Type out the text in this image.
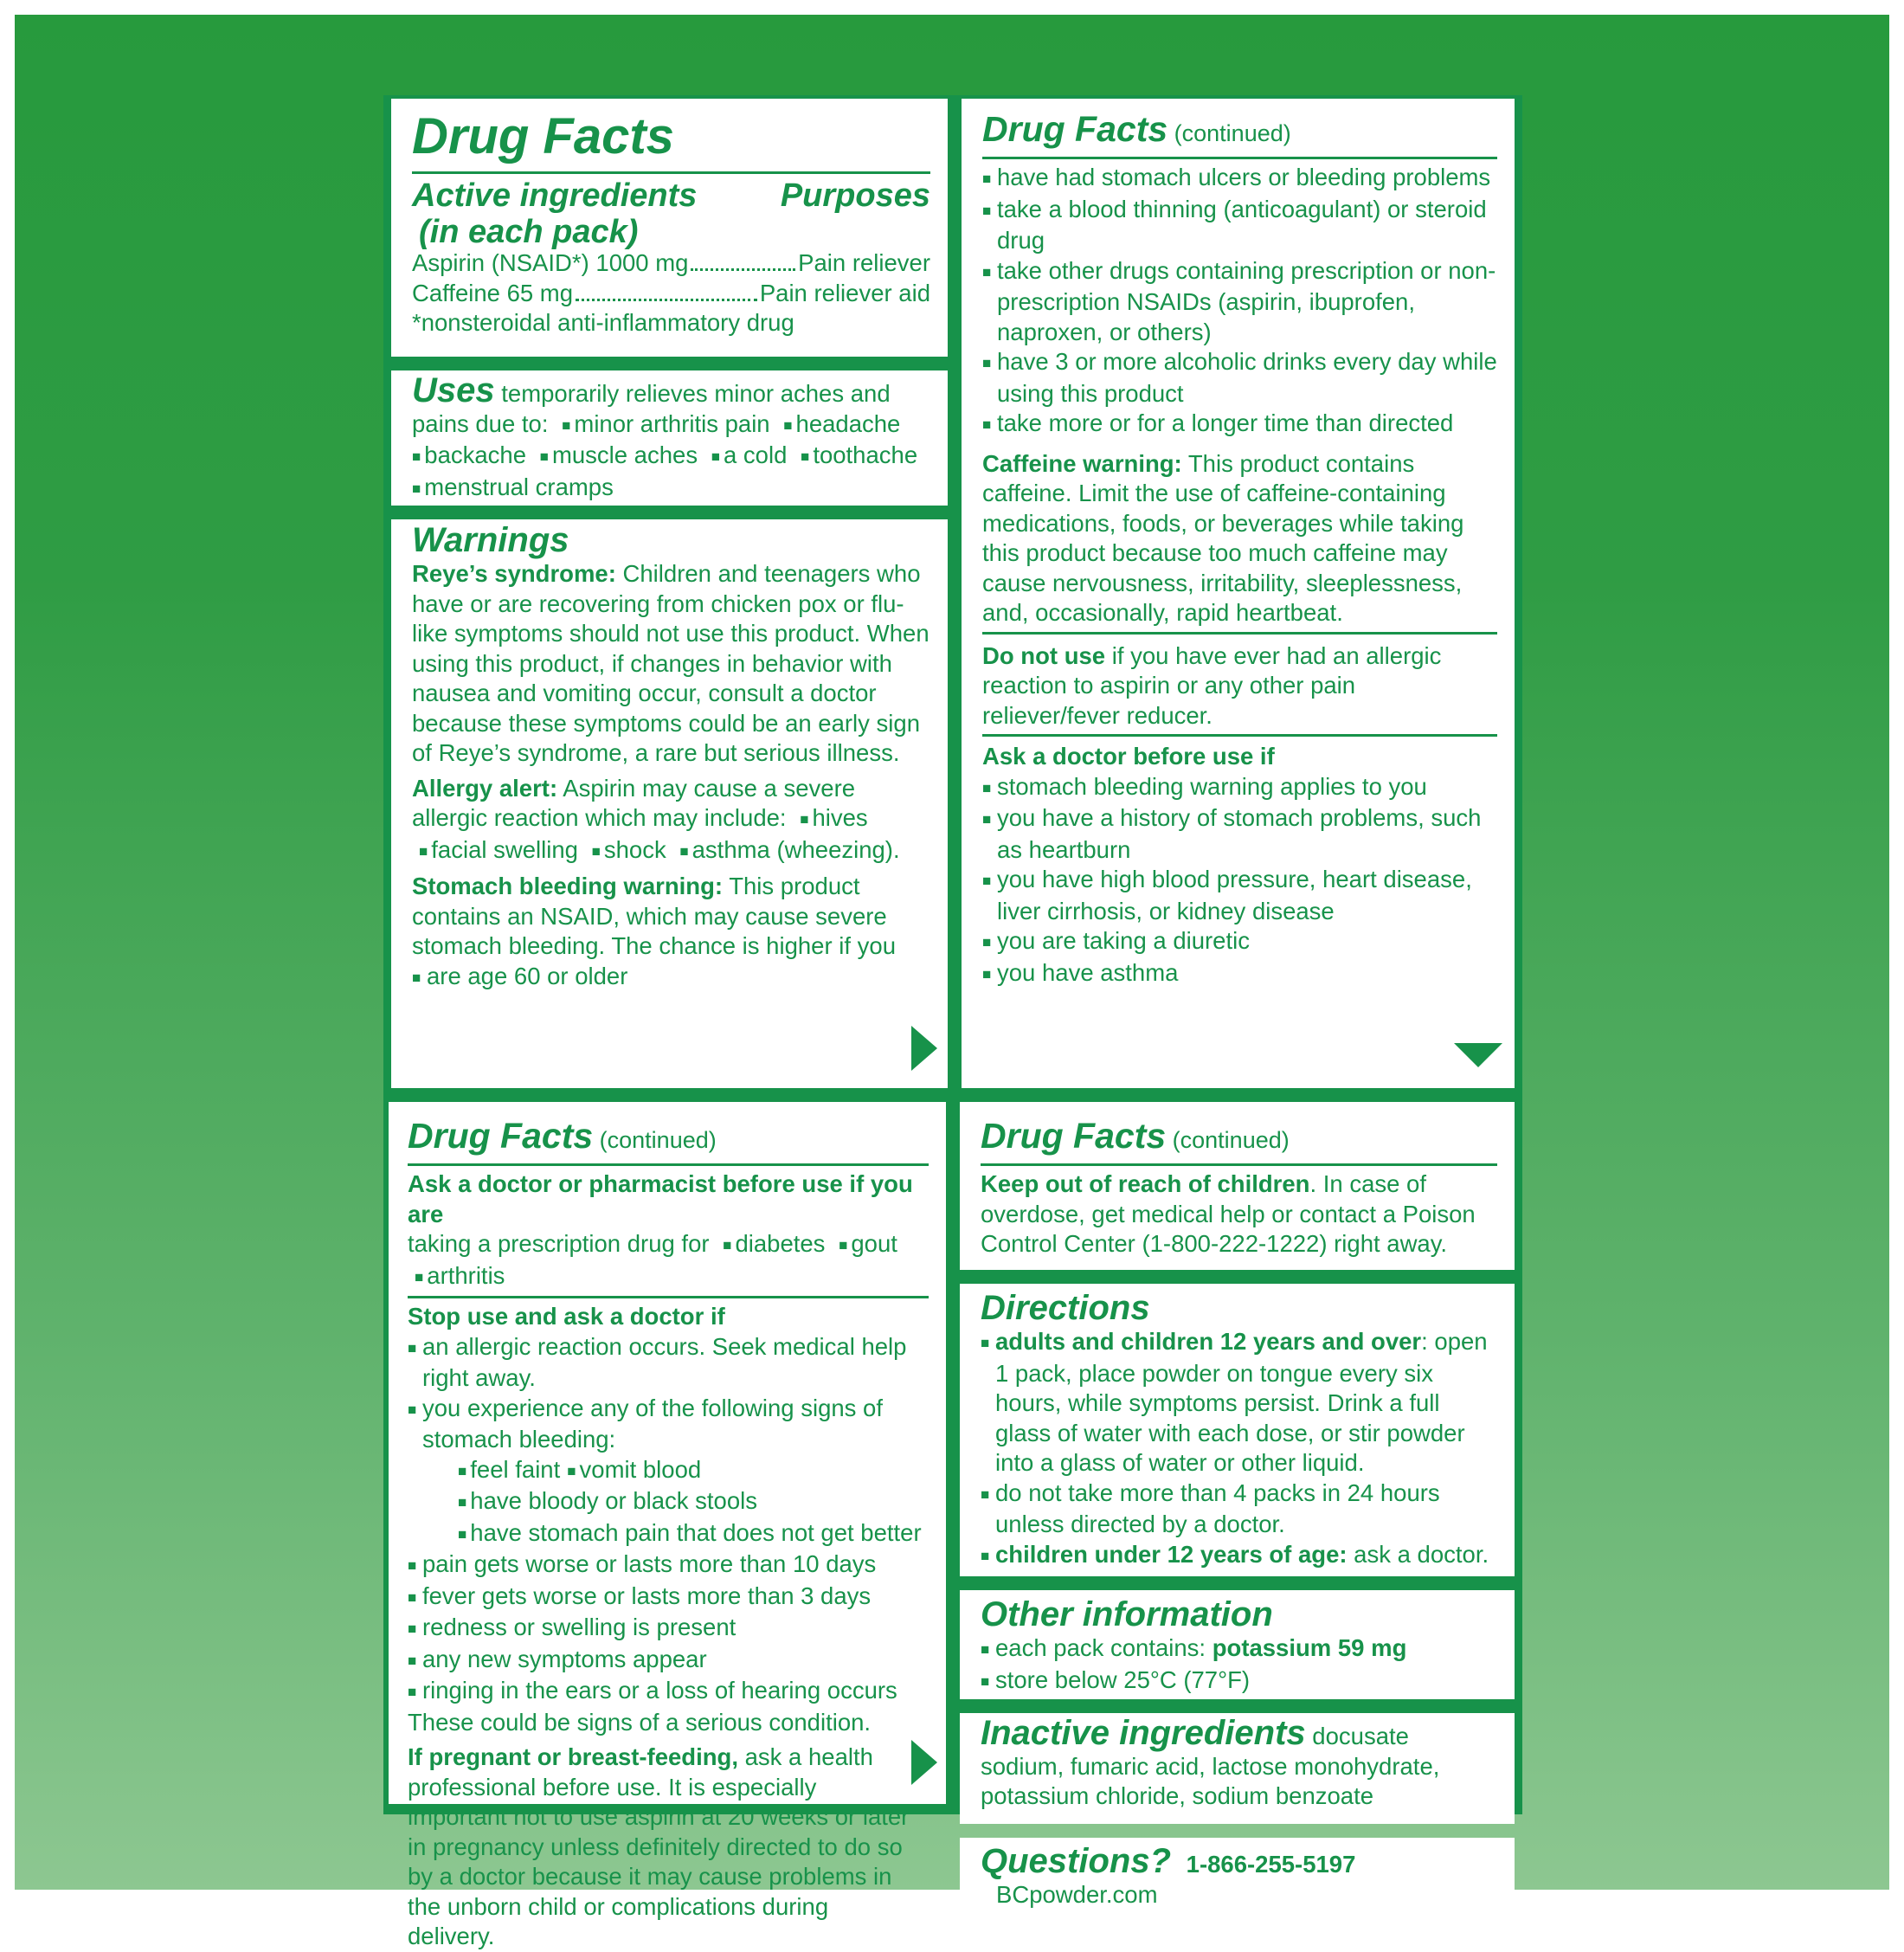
Drug Facts
Active ingredients
(in each pack)
Purposes
Aspirin (NSAID*) 1000 mg	Pain reliever
Caffeine 65 mg	Pain reliever aid
*nonsteroidal anti-inflammatory drug

Uses temporarily relieves minor aches and pains due to: ■ minor arthritis pain ■ headache
■ backache ■ muscle aches ■ a cold ■ toothache
■ menstrual cramps

Warnings

Reye’s syndrome: Children and teenagers who have or are recovering from chicken pox or flu-like symptoms should not use this product. When using this product, if changes in behavior with nausea and vomiting occur, consult a doctor because these symptoms could be an early sign of Reye’s syndrome, a rare but serious illness.

Allergy alert: Aspirin may cause a severe allergic reaction which may include: ■ hives ■ facial swelling ■ shock ■ asthma (wheezing).

Stomach bleeding warning: This product contains an NSAID, which may cause severe stomach bleeding. The chance is higher if you

■ are age 60 or older

Drug Facts (continued)

■ have had stomach ulcers or bleeding problems

■ take a blood thinning (anticoagulant) or steroid drug

■ take other drugs containing prescription or non-prescription NSAIDs (aspirin, ibuprofen, naproxen, or others)

■ have 3 or more alcoholic drinks every day while using this product

■ take more or for a longer time than directed

Caffeine warning: This product contains caffeine. Limit the use of caffeine-containing medications, foods, or beverages while taking this product because too much caffeine may cause nervousness, irritability, sleeplessness, and, occasionally, rapid heartbeat.

Do not use if you have ever had an allergic reaction to aspirin or any other pain reliever/fever reducer.

Ask a doctor before use if

■ stomach bleeding warning applies to you

■ you have a history of stomach problems, such as heartburn

■ you have high blood pressure, heart disease, liver cirrhosis, or kidney disease

■ you are taking a diuretic

■ you have asthma

Drug Facts (continued)

Ask a doctor or pharmacist before use if you are

taking a prescription drug for ■ diabetes ■ gout
■ arthritis

Stop use and ask a doctor if

■ an allergic reaction occurs. Seek medical help right away.

■ you experience any of the following signs of stomach bleeding:

■ feel faint ■ vomit blood

■ have bloody or black stools

■ have stomach pain that does not get better

■ pain gets worse or lasts more than 10 days

■ fever gets worse or lasts more than 3 days

■ redness or swelling is present

■ any new symptoms appear

■ ringing in the ears or a loss of hearing occurs

These could be signs of a serious condition.

If pregnant or breast-feeding, ask a health professional before use. It is especially important not to use aspirin at 20 weeks or later in pregnancy unless definitely directed to do so by a doctor because it may cause problems in the unborn child or complications during delivery.

Drug Facts (continued)

Keep out of reach of children. In case of overdose, get medical help or contact a Poison Control Center (1-800-222-1222) right away.

Directions

■ adults and children 12 years and over: open 1 pack, place powder on tongue every six hours, while symptoms persist. Drink a full glass of water with each dose, or stir powder into a glass of water or other liquid.

■ do not take more than 4 packs in 24 hours unless directed by a doctor.

■ children under 12 years of age: ask a doctor.

Other information

■ each pack contains: potassium 59 mg

■ store below 25°C (77°F)

Inactive ingredients docusate sodium, fumaric acid, lactose monohydrate, potassium chloride, sodium benzoate

Questions? 1-866-255-5197 BCpowder.com
